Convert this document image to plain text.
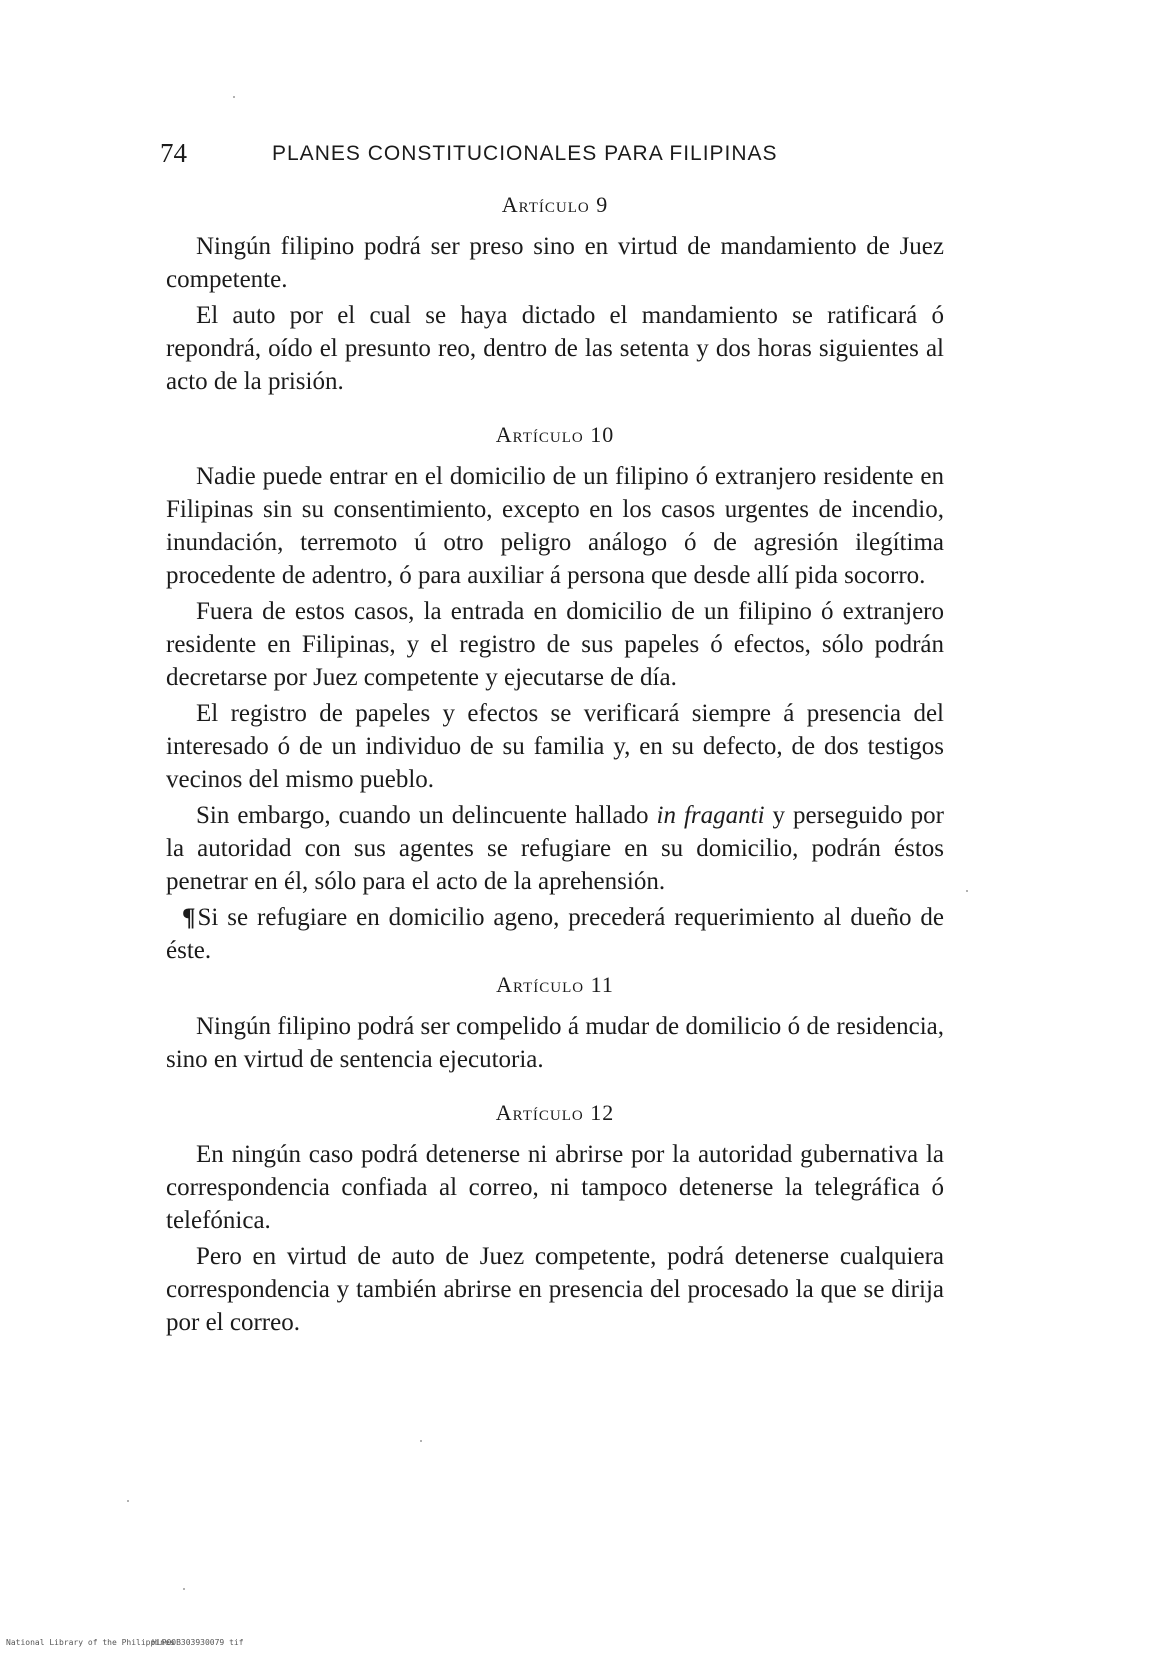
74	PLANES CONSTITUCIONALES PARA FILIPINAS
Artículo 9

Ningún filipino podrá ser preso sino en virtud de mandamiento de Juez competente.

El auto por el cual se haya dictado el mandamiento se ratificará ó repondrá, oído el presunto reo, dentro de las setenta y dos horas siguientes al acto de la prisión.

Artículo 10

Nadie puede entrar en el domicilio de un filipino ó extranjero residente en Filipinas sin su consentimiento, excepto en los casos urgentes de incendio, inundación, terremoto ú otro peligro análogo ó de agresión ilegítima procedente de adentro, ó para auxiliar á persona que desde allí pida socorro.

Fuera de estos casos, la entrada en domicilio de un filipino ó extranjero residente en Filipinas, y el registro de sus papeles ó efectos, sólo podrán decretarse por Juez competente y ejecutarse de día.

El registro de papeles y efectos se verificará siempre á presencia del interesado ó de un individuo de su familia y, en su defecto, de dos testigos vecinos del mismo pueblo.

Sin embargo, cuando un delincuente hallado in fraganti y perseguido por la autoridad con sus agentes se refugiare en su domicilio, podrán éstos penetrar en él, sólo para el acto de la aprehensión.

¶Si se refugiare en domicilio ageno, precederá requerimiento al dueño de éste.

Artículo 11

Ningún filipino podrá ser compelido á mudar de domilicio ó de residencia, sino en virtud de sentencia ejecutoria.

Artículo 12

En ningún caso podrá detenerse ni abrirse por la autoridad gubernativa la correspondencia confiada al correo, ni tampoco detenerse la telegráfica ó telefónica.

Pero en virtud de auto de Juez competente, podrá detenerse cualquiera correspondencia y también abrirse en presencia del procesado la que se dirija por el correo.

National Library of the Philippines
HLP00B303930079 tif
